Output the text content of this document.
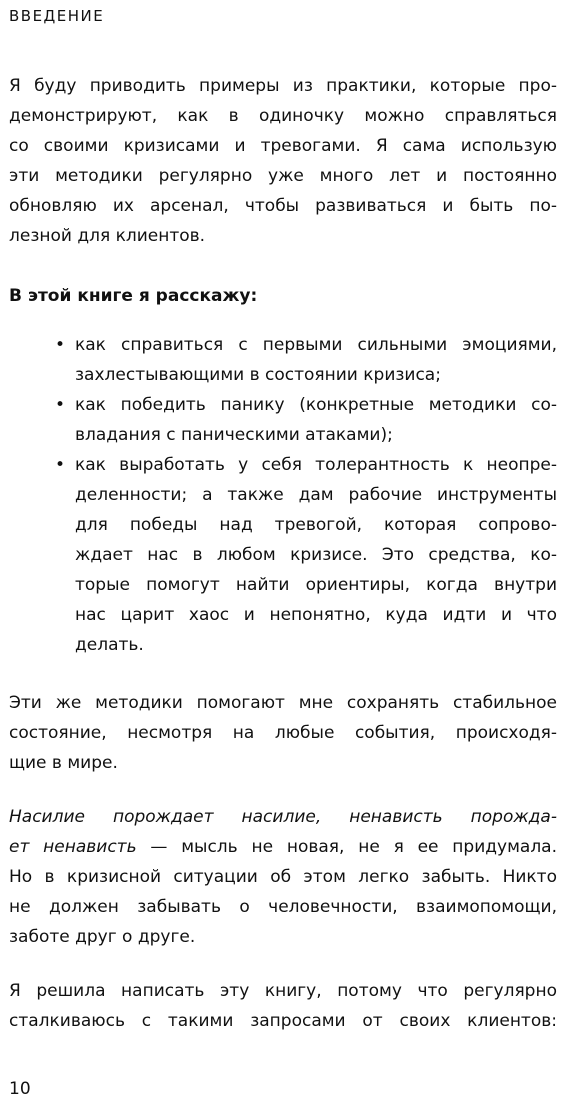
ВВЕДЕНИЕ
Я буду приводить примеры из практики, которые про-
демонстрируют, как в одиночку можно справляться
со своими кризисами и тревогами. Я сама использую
эти методики регулярно уже много лет и постоянно
обновляю их арсенал, чтобы развиваться и быть по-
лезной для клиентов.
В этой книге я расскажу:
• как справиться с первыми сильными эмоциями,
захлестывающими в состоянии кризиса;
• как победить панику (конкретные методики со-
владания с паническими атаками);
• как выработать у себя толерантность к неопре-
деленности; а также дам рабочие инструменты
для победы над тревогой, которая сопрово-
ждает нас в любом кризисе. Это средства, ко-
торые помогут найти ориентиры, когда внутри
нас царит хаос и непонятно, куда идти и что
делать.
Эти же методики помогают мне сохранять стабильное
состояние, несмотря на любые события, происходя-
щие в мире.
Насилие порождает насилие, ненависть порожда-
ет ненависть — мысль не новая, не я ее придумала.
Но в кризисной ситуации об этом легко забыть. Никто
не должен забывать о человечности, взаимопомощи,
заботе друг о друге.
Я решила написать эту книгу, потому что регулярно
сталкиваюсь с такими запросами от своих клиентов:
10
